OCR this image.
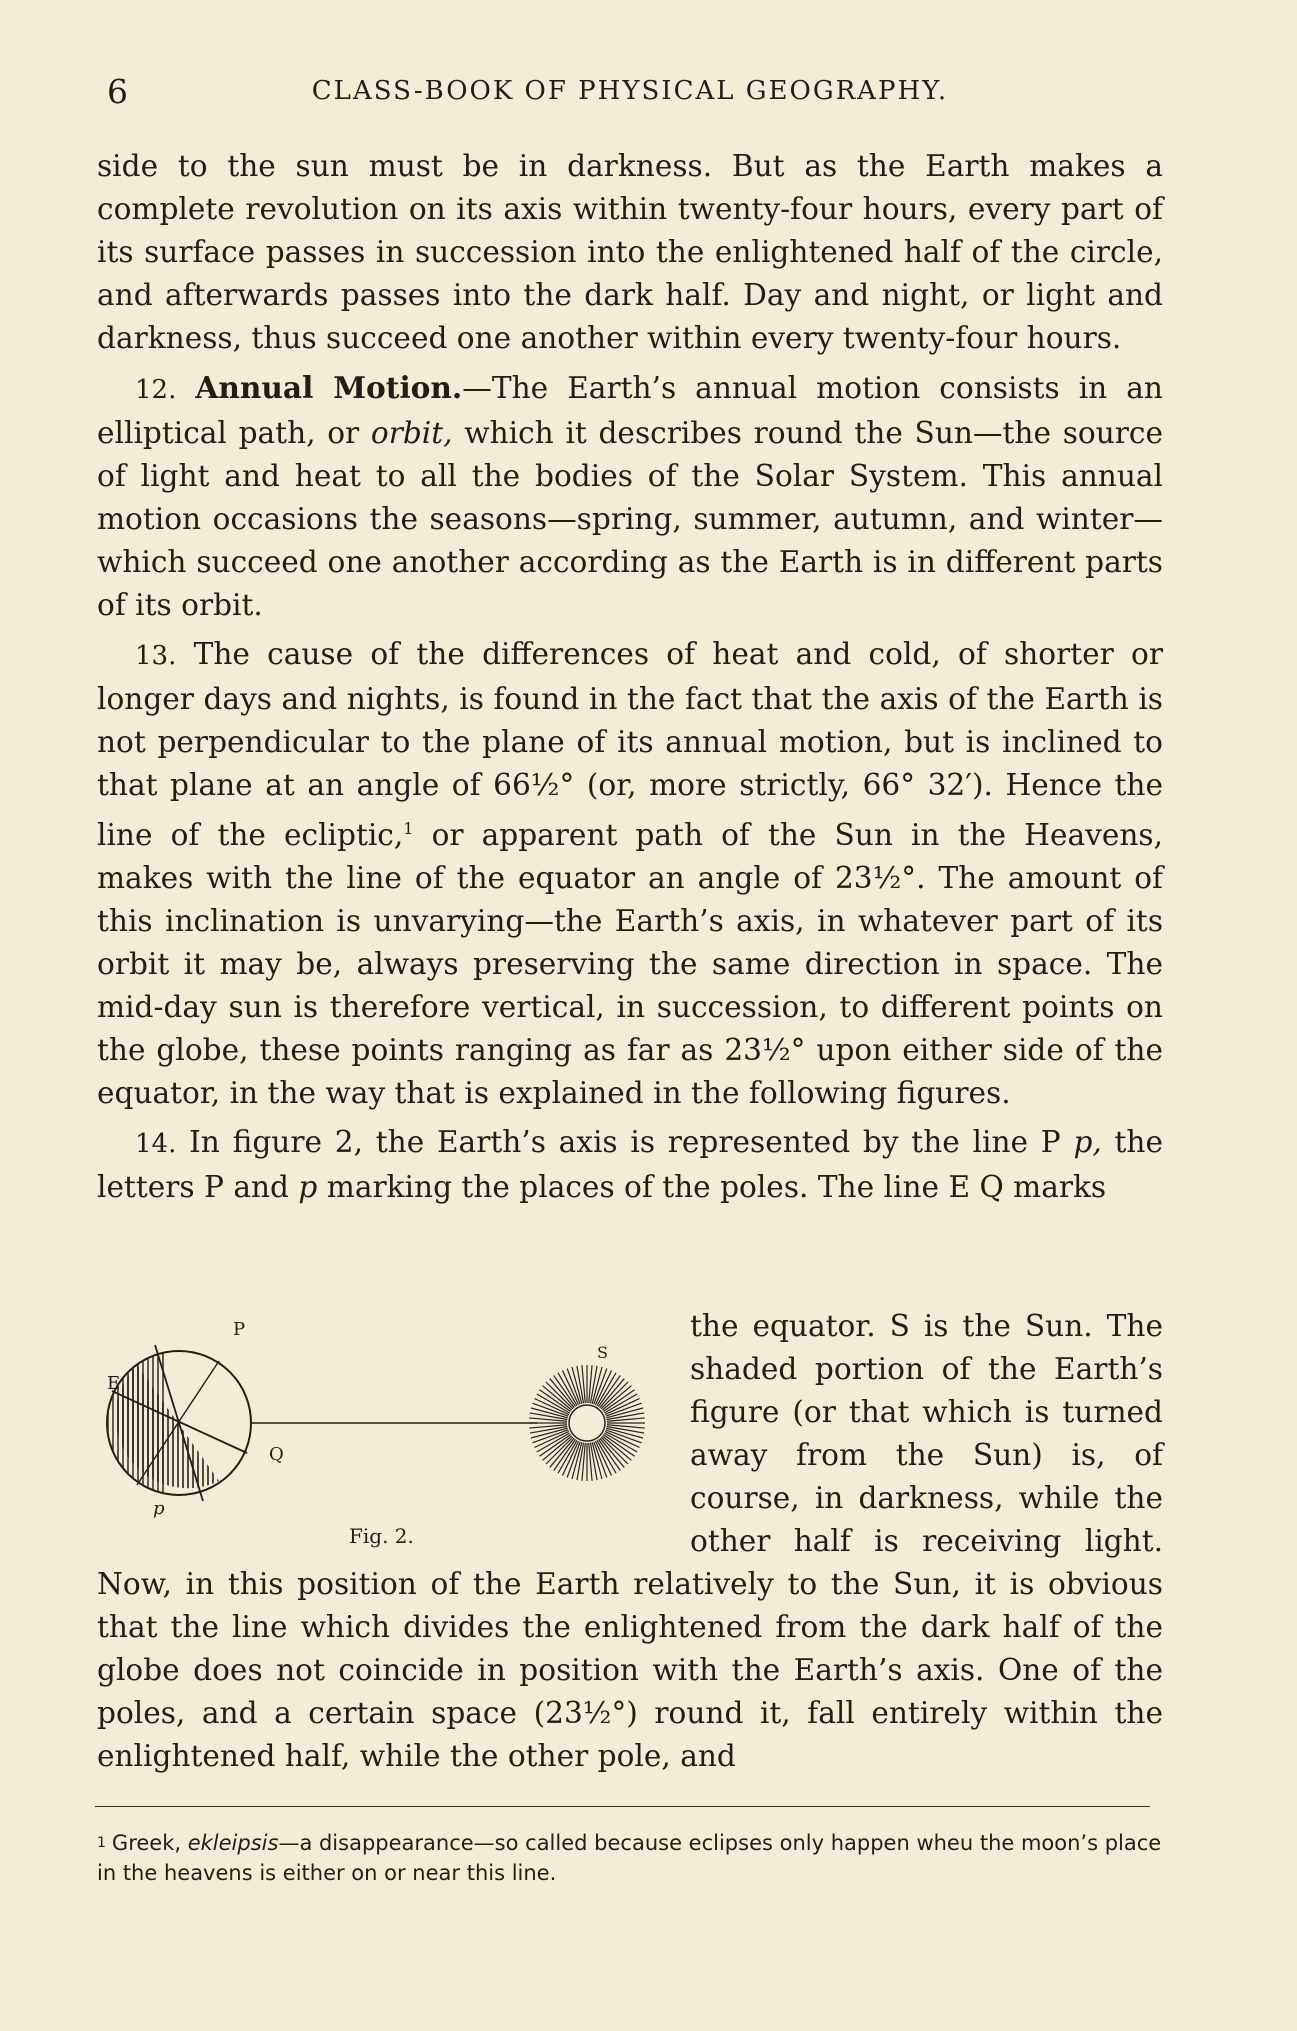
6	CLASS-BOOK OF PHYSICAL GEOGRAPHY.

side to the sun must be in darkness. But as the Earth makes a complete revolution on its axis within twenty-four hours, every part of its surface passes in succession into the enlightened half of the circle, and afterwards passes into the dark half. Day and night, or light and darkness, thus succeed one another within every twenty-four hours.

12. Annual Motion.—The Earth’s annual motion consists in an elliptical path, or orbit, which it describes round the Sun—the source of light and heat to all the bodies of the Solar System. This annual motion occasions the seasons—spring, summer, autumn, and winter—which succeed one another according as the Earth is in different parts of its orbit.

13. The cause of the differences of heat and cold, of shorter or longer days and nights, is found in the fact that the axis of the Earth is not perpendicular to the plane of its annual motion, but is inclined to that plane at an angle of 66½° (or, more strictly, 66° 32′). Hence the line of the ecliptic,$^1$ or apparent path of the Sun in the Heavens, makes with the line of the equator an angle of 23½°. The amount of this inclination is unvarying—the Earth’s axis, in whatever part of its orbit it may be, always preserving the same direction in space. The mid-day sun is therefore vertical, in succession, to different points on the globe, these points ranging as far as 23½° upon either side of the equator, in the way that is explained in the following figures.

14. In figure 2, the Earth’s axis is represented by the line P p, the letters P and p marking the places of the poles. The line E Q marks

P
p
E
Q
S
Fig. 2.
the equator. S is the Sun. The
shaded portion of the Earth’s
figure (or that which is turned
away from the Sun) is, of
course, in darkness, while the
other half is receiving light.
Now, in this position of the Earth relatively to the Sun, it is obvious that the line which divides the enlightened from the dark half of the globe does not coincide in position with the Earth’s axis. One of the poles, and a certain space (23½°) round it, fall entirely within the enlightened half, while the other pole, and
$^1$ Greek, ekleipsis—a disappearance—so called because eclipses only happen wheu the moon’s place in the heavens is either on or near this line.
